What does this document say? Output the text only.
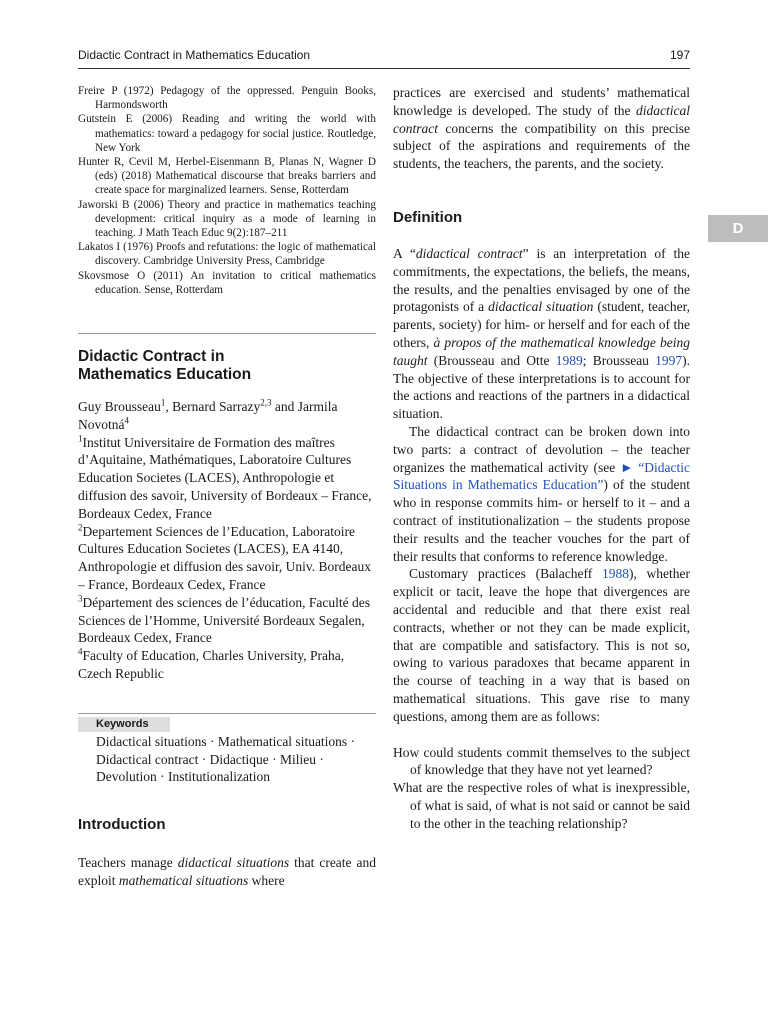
Didactic Contract in Mathematics Education	197
D
Freire P (1972) Pedagogy of the oppressed. Penguin Books, Harmondsworth
Gutstein E (2006) Reading and writing the world with mathematics: toward a pedagogy for social justice. Routledge, New York
Hunter R, Cevil M, Herbel-Eisenmann B, Planas N, Wagner D (eds) (2018) Mathematical discourse that breaks barriers and create space for marginalized learners. Sense, Rotterdam
Jaworski B (2006) Theory and practice in mathematics teaching development: critical inquiry as a mode of learning in teaching. J Math Teach Educ 9(2):187–211
Lakatos I (1976) Proofs and refutations: the logic of mathematical discovery. Cambridge University Press, Cambridge
Skovsmose O (2011) An invitation to critical mathematics education. Sense, Rotterdam
Didactic Contract in
Mathematics Education
Guy Brousseau$^1$, Bernard Sarrazy$^{2,3}$ and Jarmila Novotná$^4$
$^1$Institut Universitaire de Formation des maîtres d’Aquitaine, Mathématiques, Laboratoire Cultures Education Societes (LACES), Anthropologie et diffusion des savoir, University of Bordeaux – France, Bordeaux Cedex, France
$^2$Departement Sciences de l’Education, Laboratoire Cultures Education Societes (LACES), EA 4140, Anthropologie et diffusion des savoir, Univ. Bordeaux – France, Bordeaux Cedex, France
$^3$Département des sciences de l’éducation, Faculté des Sciences de l’Homme, Université Bordeaux Segalen, Bordeaux Cedex, France
$^4$Faculty of Education, Charles University, Praha, Czech Republic
Keywords
Didactical situations · Mathematical situations · Didactical contract · Didactique · Milieu · Devolution · Institutionalization
Introduction

Teachers manage didactical situations that create and exploit mathematical situations where

practices are exercised and students’ mathematical knowledge is developed. The study of the didactical contract concerns the compatibility on this precise subject of the aspirations and requirements of the students, the teachers, the parents, and the society.

Definition

A “didactical contract” is an interpretation of the commitments, the expectations, the beliefs, the means, the results, and the penalties envisaged by one of the protagonists of a didactical situation (student, teacher, parents, society) for him- or herself and for each of the others, à propos of the mathematical knowledge being taught (Brousseau and Otte 1989; Brousseau 1997). The objective of these interpretations is to account for the actions and reactions of the partners in a didactical situation.

The didactical contract can be broken down into two parts: a contract of devolution – the teacher organizes the mathematical activity (see ► “Didactic Situations in Mathematics Education”) of the student who in response commits him- or herself to it – and a contract of institutionalization – the students propose their results and the teacher vouches for the part of their results that conforms to reference knowledge.

Customary practices (Balacheff 1988), whether explicit or tacit, leave the hope that divergences are accidental and reducible and that there exist real contracts, whether or not they can be made explicit, that are compatible and satisfactory. This is not so, owing to various paradoxes that became apparent in the course of teaching in a way that is based on mathematical situations. This gave rise to many questions, among them are as follows:

How could students commit themselves to the subject of knowledge that they have not yet learned?
What are the respective roles of what is inexpressible, of what is said, of what is not said or cannot be said to the other in the teaching relationship?
